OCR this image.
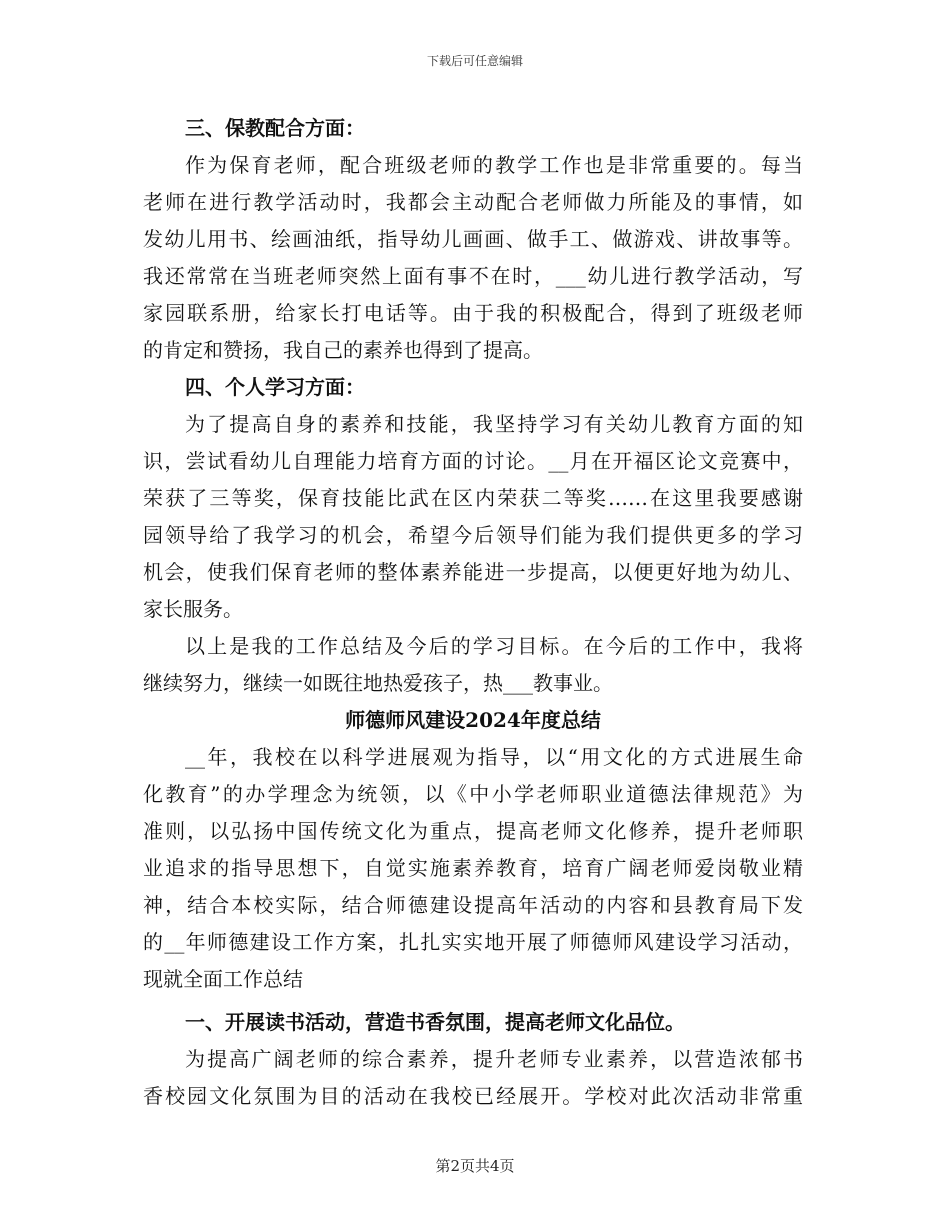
下载后可任意编辑
三、保教配合方面：
作为保育老师，配合班级老师的教学工作也是非常重要的。每当
老师在进行教学活动时，我都会主动配合老师做力所能及的事情，如
发幼儿用书、绘画油纸，指导幼儿画画、做手工、做游戏、讲故事等。
我还常常在当班老师突然上面有事不在时，___幼儿进行教学活动，写
家园联系册，给家长打电话等。由于我的积极配合，得到了班级老师
的肯定和赞扬，我自己的素养也得到了提高。
四、个人学习方面：
为了提高自身的素养和技能，我坚持学习有关幼儿教育方面的知
识，尝试看幼儿自理能力培育方面的讨论。__月在开福区论文竞赛中，
荣获了三等奖，保育技能比武在区内荣获二等奖……在这里我要感谢
园领导给了我学习的机会，希望今后领导们能为我们提供更多的学习
机会，使我们保育老师的整体素养能进一步提高，以便更好地为幼儿、
家长服务。
以上是我的工作总结及今后的学习目标。在今后的工作中，我将
继续努力，继续一如既往地热爱孩子，热___教事业。
师德师风建设2024年度总结
__年，我校在以科学进展观为指导，以“用文化的方式进展生命
化教育”的办学理念为统领，以《中小学老师职业道德法律规范》为
准则，以弘扬中国传统文化为重点，提高老师文化修养，提升老师职
业追求的指导思想下，自觉实施素养教育，培育广阔老师爱岗敬业精
神，结合本校实际，结合师德建设提高年活动的内容和县教育局下发
的__年师德建设工作方案，扎扎实实地开展了师德师风建设学习活动，
现就全面工作总结
一、开展读书活动，营造书香氛围，提高老师文化品位。
为提高广阔老师的综合素养，提升老师专业素养，以营造浓郁书
香校园文化氛围为目的活动在我校已经展开。学校对此次活动非常重
第2页共4页
